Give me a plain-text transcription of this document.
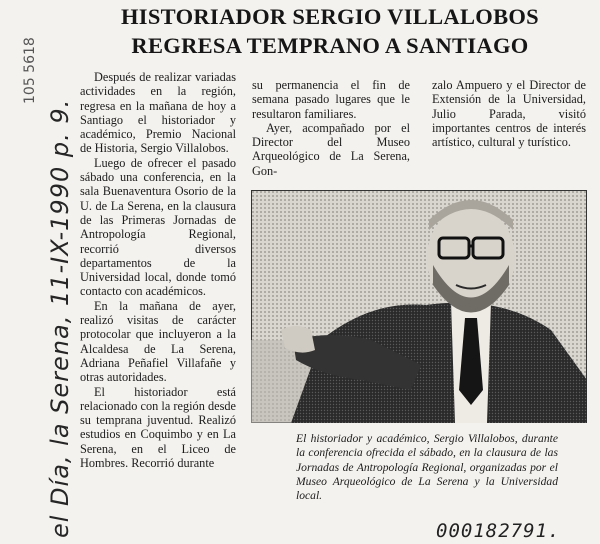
105 5618
HISTORIADOR SERGIO VILLALOBOS
REGRESA TEMPRANO A SANTIAGO
el Día, la Serena, 11-IX-1990 p. 9.

Después de realizar variadas actividades en la región, regresa en la mañana de hoy a Santiago el historiador y académico, Premio Nacional de Historia, Sergio Villalobos.

Luego de ofrecer el pasado sábado una conferencia, en la sala Buenaventura Osorio de la U. de La Serena, en la clausura de las Primeras Jornadas de Antropología Regional, recorrió diversos departamentos de la Universidad local, donde tomó contacto con académicos.

En la mañana de ayer, realizó visitas de carácter protocolar que incluyeron a la Alcaldesa de La Serena, Adriana Peñafiel Villafañe y otras autoridades.

El historiador está relacionado con la región desde su temprana juventud. Realizó estudios en Coquimbo y en La Serena, en el Liceo de Hombres. Recorrió durante

su permanencia el fin de semana pasado lugares que le resultaron familiares.

Ayer, acompañado por el Director del Museo Arqueológico de La Serena, Gon-

zalo Ampuero y el Director de Extensión de la Universidad, Julio Parada, visitó importantes centros de interés artístico, cultural y turístico.

El historiador y académico, Sergio Villalobos, durante la conferencia ofrecida el sábado, en la clausura de las Jornadas de Antropología Regional, organizadas por el Museo Arqueológico de La Serena y la Universidad local.
000182791.
